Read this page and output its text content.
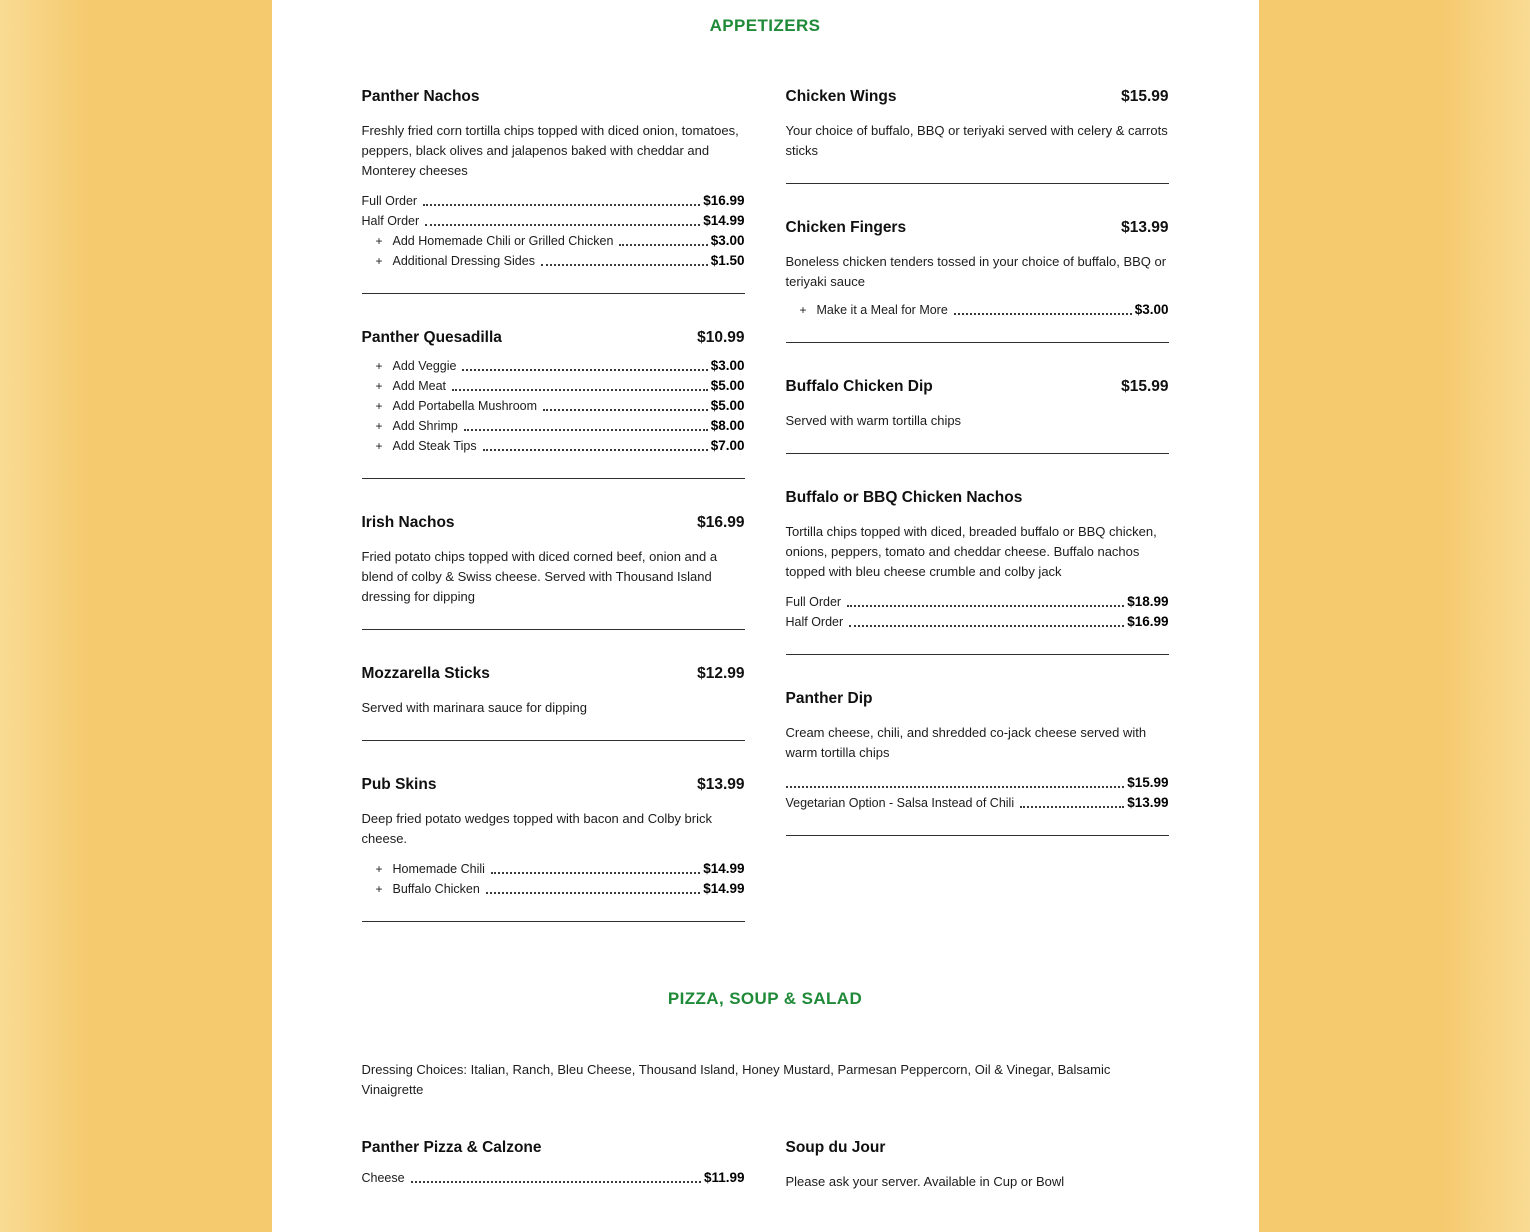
APPETIZERS
Panther Nachos

Freshly fried corn tortilla chips topped with diced onion, tomatoes, peppers, black olives and jalapenos baked with cheddar and Monterey cheeses

Full Order	$16.99
Half Order	$14.99
+ Add Homemade Chili or Grilled Chicken	$3.00
+ Additional Dressing Sides	$1.50
Panther Quesadilla	$10.99
+ Add Veggie	$3.00
+ Add Meat	$5.00
+ Add Portabella Mushroom	$5.00
+ Add Shrimp	$8.00
+ Add Steak Tips	$7.00
Irish Nachos	$16.99

Fried potato chips topped with diced corned beef, onion and a blend of colby & Swiss cheese. Served with Thousand Island dressing for dipping

Mozzarella Sticks	$12.99

Served with marinara sauce for dipping

Pub Skins	$13.99

Deep fried potato wedges topped with bacon and Colby brick cheese.

+ Homemade Chili	$14.99
+ Buffalo Chicken	$14.99
Chicken Wings	$15.99

Your choice of buffalo, BBQ or teriyaki served with celery & carrots sticks

Chicken Fingers	$13.99

Boneless chicken tenders tossed in your choice of buffalo, BBQ or teriyaki sauce

+ Make it a Meal for More	$3.00
Buffalo Chicken Dip	$15.99

Served with warm tortilla chips

Buffalo or BBQ Chicken Nachos

Tortilla chips topped with diced, breaded buffalo or BBQ chicken, onions, peppers, tomato and cheddar cheese. Buffalo nachos topped with bleu cheese crumble and colby jack

Full Order	$18.99
Half Order	$16.99
Panther Dip

Cream cheese, chili, and shredded co-jack cheese served with warm tortilla chips

$15.99
Vegetarian Option - Salsa Instead of Chili	$13.99
PIZZA, SOUP & SALAD

Dressing Choices: Italian, Ranch, Bleu Cheese, Thousand Island, Honey Mustard, Parmesan Peppercorn, Oil & Vinegar, Balsamic Vinaigrette

Panther Pizza & Calzone
Cheese	$11.99
Soup du Jour

Please ask your server. Available in Cup or Bowl
